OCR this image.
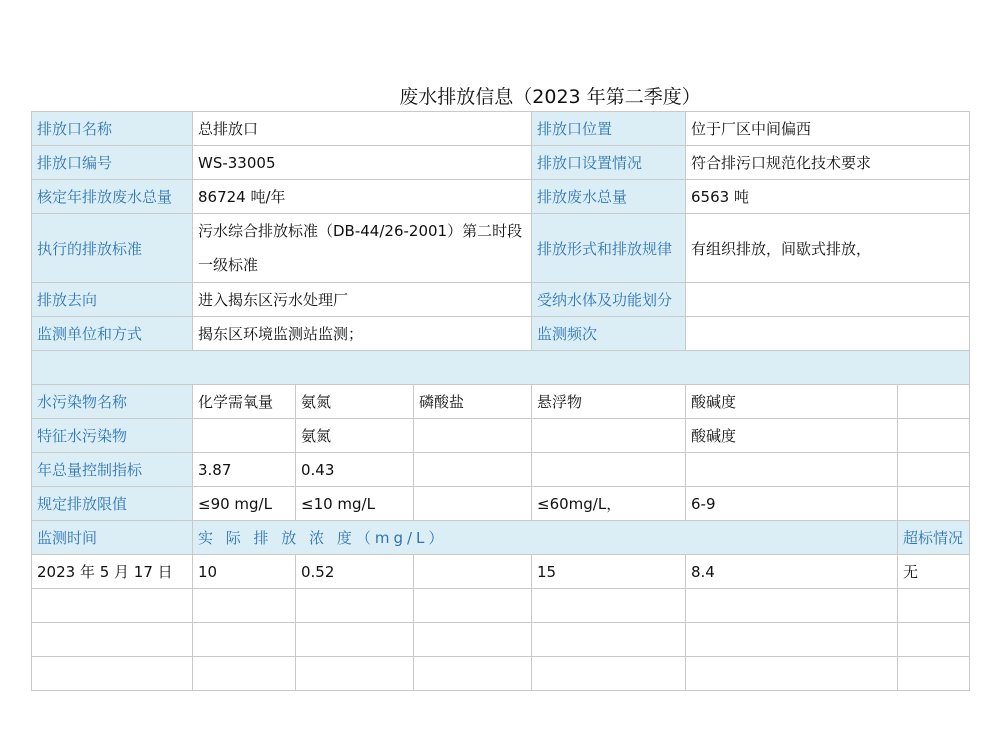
废水排放信息（2023 年第二季度）
排放口名称	总排放口			排放口位置	位于厂区中间偏西	
排放口编号	WS-33005			排放口设置情况	符合排污口规范化技术要求	
核定年排放废水总量	86724 吨/年			排放废水总量	6563 吨	
执行的排放标准	污水综合排放标准（DB-44/26-2001）第二时段一级标准			排放形式和排放规律	有组织排放，间歇式排放，	
排放去向	进入揭东区污水处理厂			受纳水体及功能划分		
监测单位和方式	揭东区环境监测站监测；			监测频次		

水污染物名称	化学需氧量	氨氮	磷酸盐	悬浮物	酸碱度	
特征水污染物		氨氮			酸碱度	
年总量控制指标	3.87	0.43				
规定排放限值	≤90 mg/L	≤10 mg/L		≤60mg/L，	6-9	
监测时间	实 际 排 放 浓 度（mg/L）					超标情况
2023 年 5 月 17 日	10	0.52		15	8.4	无
